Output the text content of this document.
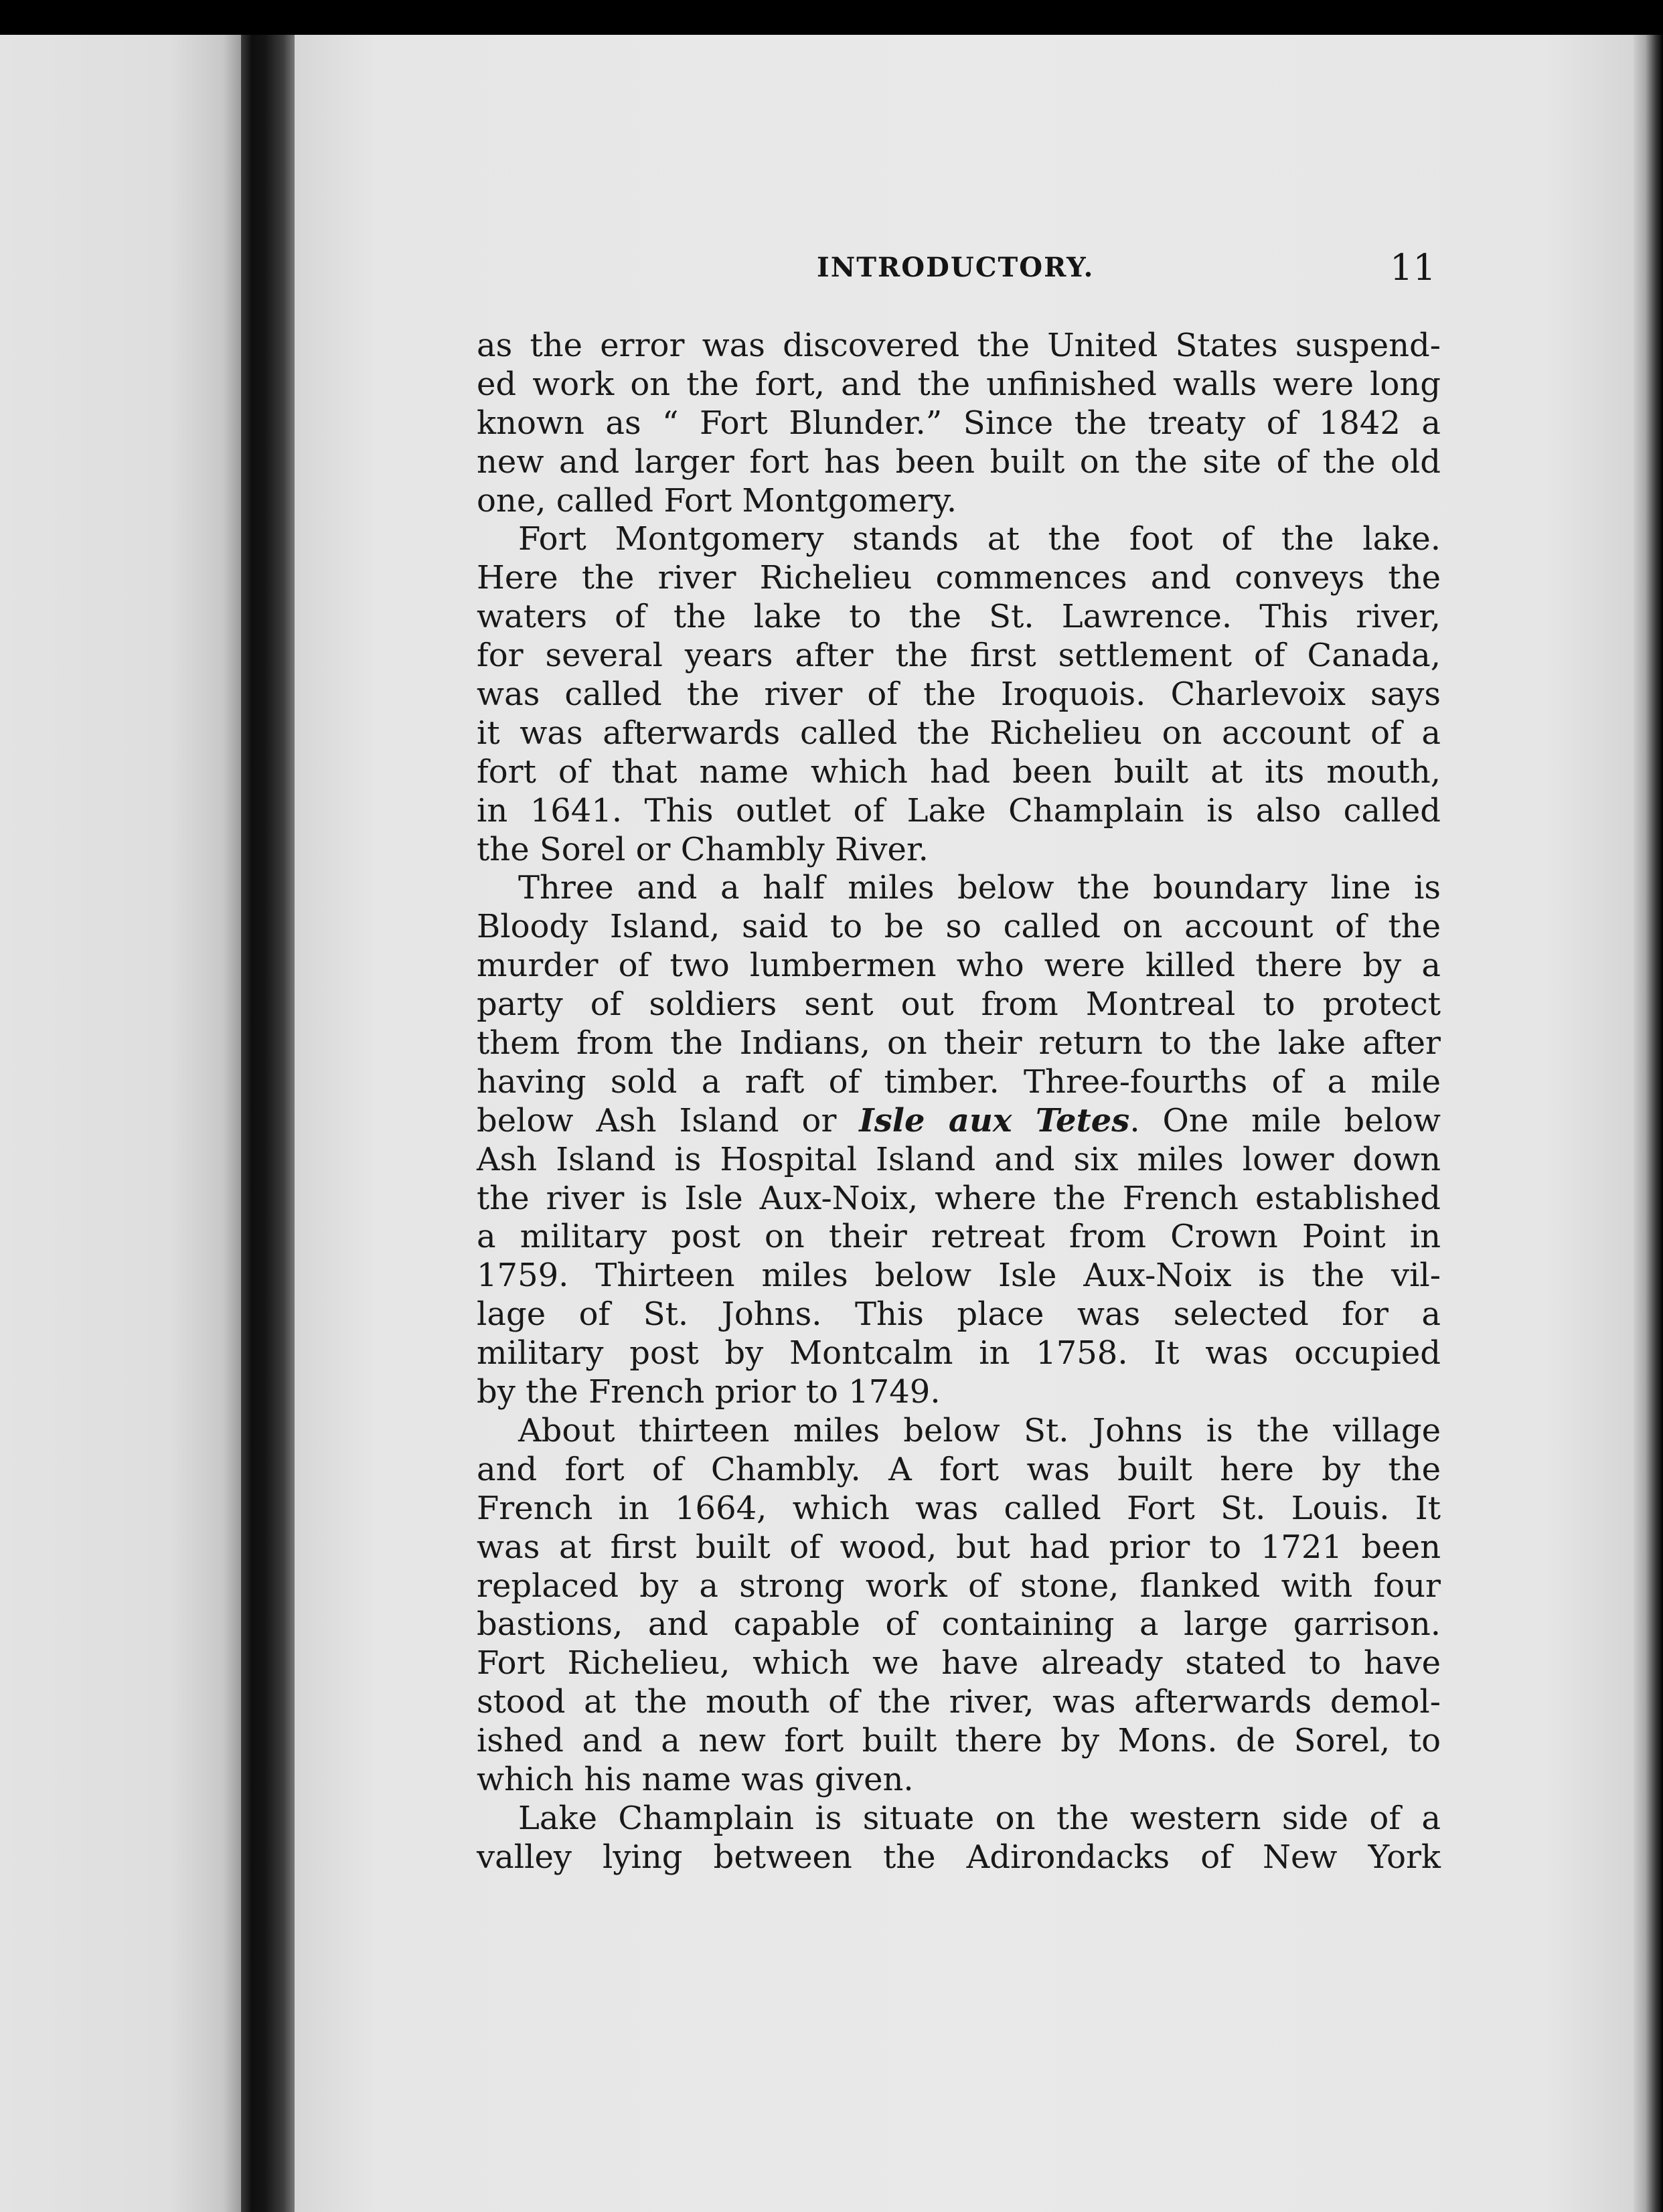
INTRODUCTORY.	11
as the error was discovered the United States suspend-
ed work on the fort, and the unfinished walls were long
known as “ Fort Blunder.” Since the treaty of 1842 a
new and larger fort has been built on the site of the old
one, called Fort Montgomery.
Fort Montgomery stands at the foot of the lake.
Here the river Richelieu commences and conveys the
waters of the lake to the St. Lawrence. This river,
for several years after the first settlement of Canada,
was called the river of the Iroquois. Charlevoix says
it was afterwards called the Richelieu on account of a
fort of that name which had been built at its mouth,
in 1641. This outlet of Lake Champlain is also called
the Sorel or Chambly River.
Three and a half miles below the boundary line is
Bloody Island, said to be so called on account of the
murder of two lumbermen who were killed there by a
party of soldiers sent out from Montreal to protect
them from the Indians, on their return to the lake after
having sold a raft of timber. Three-fourths of a mile
below Ash Island or Isle aux Tetes. One mile below
Ash Island is Hospital Island and six miles lower down
the river is Isle Aux-Noix, where the French established
a military post on their retreat from Crown Point in
1759. Thirteen miles below Isle Aux-Noix is the vil-
lage of St. Johns. This place was selected for a
military post by Montcalm in 1758. It was occupied
by the French prior to 1749.
About thirteen miles below St. Johns is the village
and fort of Chambly. A fort was built here by the
French in 1664, which was called Fort St. Louis. It
was at first built of wood, but had prior to 1721 been
replaced by a strong work of stone, flanked with four
bastions, and capable of containing a large garrison.
Fort Richelieu, which we have already stated to have
stood at the mouth of the river, was afterwards demol-
ished and a new fort built there by Mons. de Sorel, to
which his name was given.
Lake Champlain is situate on the western side of a
valley lying between the Adirondacks of New York
